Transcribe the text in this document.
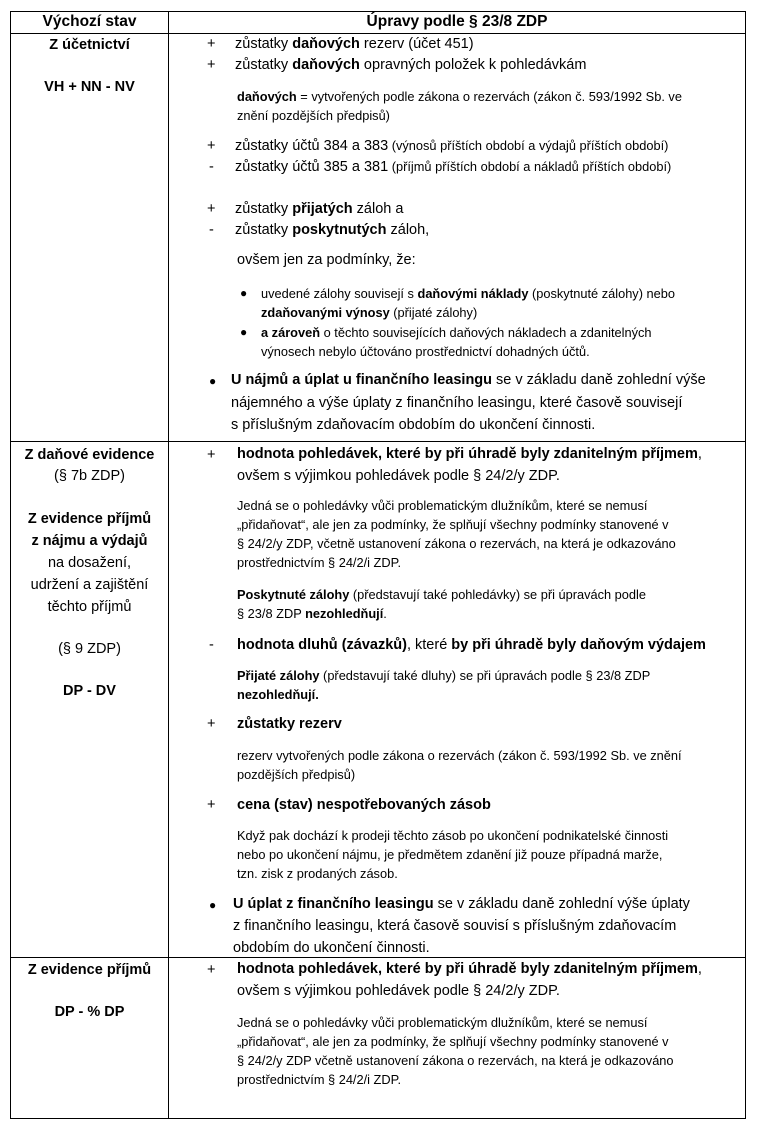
Výchozí stav	Úpravy podle § 23/8 ZDP
Z účetnictví
VH + NN - NV
+ zůstatky daňových rezerv (účet 451)
+ zůstatky daňových opravných položek k pohledávkám
daňových = vytvořených podle zákona o rezervách (zákon č. 593/1992 Sb. ve
znění pozdějších předpisů)
+ zůstatky účtů 384 a 383 (výnosů příštích období a výdajů příštích období)
- zůstatky účtů 385 a 381 (příjmů příštích období a nákladů příštích období)
+ zůstatky přijatých záloh a
- zůstatky poskytnutých záloh,
ovšem jen za podmínky, že:
● uvedené zálohy souvisejí s daňovými náklady (poskytnuté zálohy) nebo
zdaňovanými výnosy (přijaté zálohy)
● a zároveň o těchto souvisejících daňových nákladech a zdanitelných
výnosech nebylo účtováno prostřednictví dohadných účtů.
● U nájmů a úplat u finančního leasingu se v základu daně zohlední výše
nájemného a výše úplaty z finančního leasingu, které časově souvisejí
s příslušným zdaňovacím obdobím do ukončení činnosti.
Z daňové evidence
(§ 7b ZDP)
Z evidence příjmů
z nájmu a výdajů
na dosažení,
udržení a zajištění
těchto příjmů
(§ 9 ZDP)
DP - DV
+ hodnota pohledávek, které by při úhradě byly zdanitelným příjmem,
ovšem s výjimkou pohledávek podle § 24/2/y ZDP.
Jedná se o pohledávky vůči problematickým dlužníkům, které se nemusí
„přidaňovat“, ale jen za podmínky, že splňují všechny podmínky stanovené v
§ 24/2/y ZDP, včetně ustanovení zákona o rezervách, na která je odkazováno
prostřednictvím § 24/2/i ZDP.
Poskytnuté zálohy (představují také pohledávky) se při úpravách podle
§ 23/8 ZDP nezohledňují.
- hodnota dluhů (závazků), které by při úhradě byly daňovým výdajem
Přijaté zálohy (představují také dluhy) se při úpravách podle § 23/8 ZDP
nezohledňují.
+ zůstatky rezerv
rezerv vytvořených podle zákona o rezervách (zákon č. 593/1992 Sb. ve znění
pozdějších předpisů)
+ cena (stav) nespotřebovaných zásob
Když pak dochází k prodeji těchto zásob po ukončení podnikatelské činnosti
nebo po ukončení nájmu, je předmětem zdanění již pouze případná marže,
tzn. zisk z prodaných zásob.
● U úplat z finančního leasingu se v základu daně zohlední výše úplaty
z finančního leasingu, která časově souvisí s příslušným zdaňovacím
obdobím do ukončení činnosti.
Z evidence příjmů
DP - % DP
+ hodnota pohledávek, které by při úhradě byly zdanitelným příjmem,
ovšem s výjimkou pohledávek podle § 24/2/y ZDP.
Jedná se o pohledávky vůči problematickým dlužníkům, které se nemusí
„přidaňovat“, ale jen za podmínky, že splňují všechny podmínky stanovené v
§ 24/2/y ZDP včetně ustanovení zákona o rezervách, na která je odkazováno
prostřednictvím § 24/2/i ZDP.
